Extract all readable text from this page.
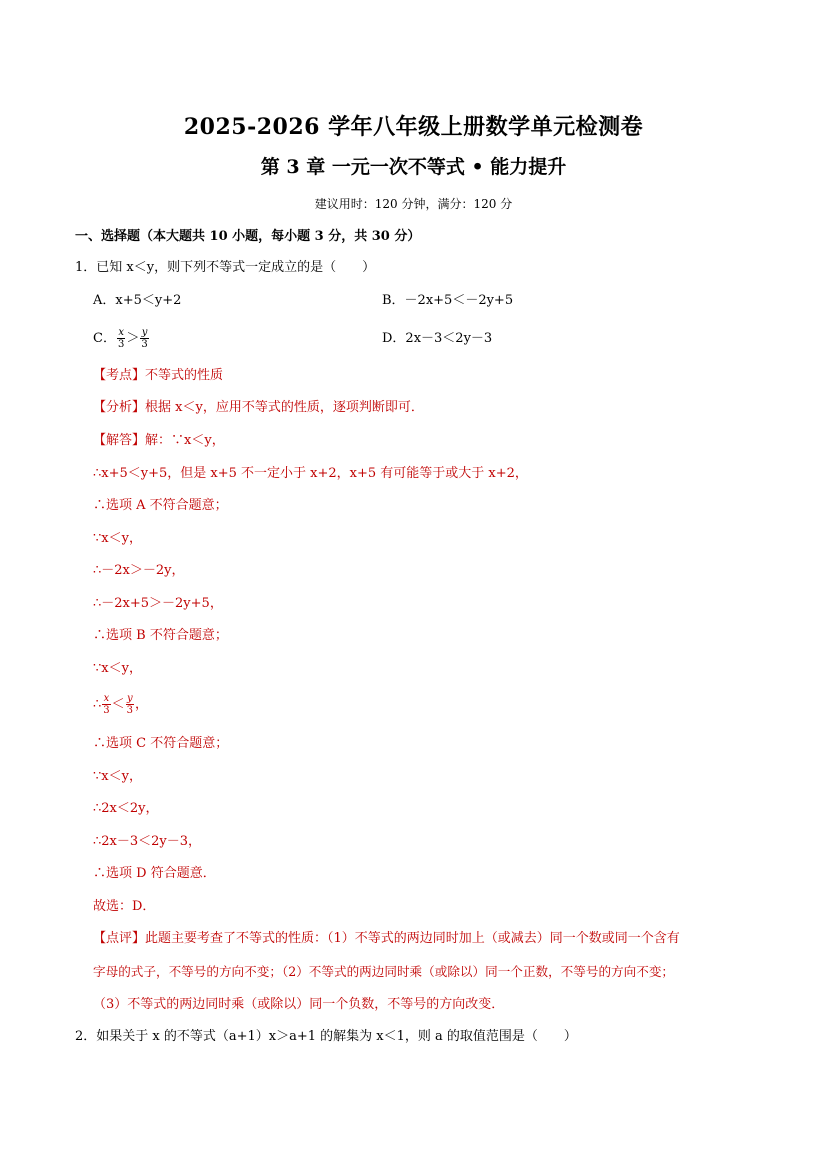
2025-2026 学年八年级上册数学单元检测卷
第 3 章 一元一次不等式 • 能力提升
建议用时：120 分钟，满分：120 分
一、选择题（本大题共 10 小题，每小题 3 分，共 30 分）
1．已知 x＜y，则下列不等式一定成立的是（　　）
A．x+5＜y+2	B．－2x+5＜－2y+5
C． $\frac{x}{3} > \frac{y}{3}$	D．2x－3＜2y－3
【考点】不等式的性质
【分析】根据 x＜y，应用不等式的性质，逐项判断即可．
【解答】解：∵x＜y，
∴x+5＜y+5，但是 x+5 不一定小于 x+2，x+5 有可能等于或大于 x+2，
∴选项 A 不符合题意；
∵x＜y，
∴－2x＞－2y，
∴－2x+5＞－2y+5，
∴选项 B 不符合题意；
∵x＜y，
∴ $\frac{x}{3} < \frac{y}{3}$ ，
∴选项 C 不符合题意；
∵x＜y，
∴2x＜2y，
∴2x－3＜2y－3，
∴选项 D 符合题意．
故选：D．
【点评】此题主要考查了不等式的性质：（1）不等式的两边同时加上（或减去）同一个数或同一个含有
字母的式子，不等号的方向不变；（2）不等式的两边同时乘（或除以）同一个正数，不等号的方向不变；
（3）不等式的两边同时乘（或除以）同一个负数，不等号的方向改变．
2．如果关于 x 的不等式（a+1）x＞a+1 的解集为 x＜1，则 a 的取值范围是（　　）
